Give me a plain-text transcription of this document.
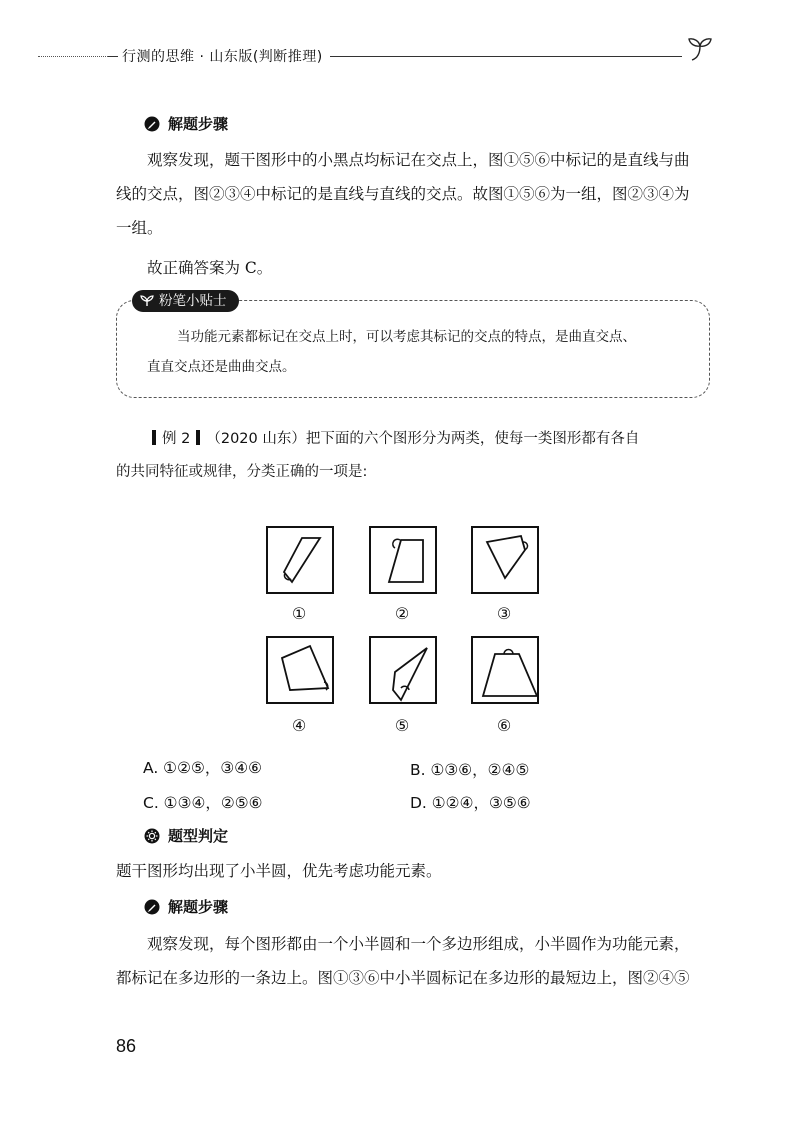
行测的思维 · 山东版(判断推理)
解题步骤
观察发现，题干图形中的小黑点均标记在交点上，图①⑤⑥中标记的是直线与曲
线的交点，图②③④中标记的是直线与直线的交点。故图①⑤⑥为一组，图②③④为
一组。
故正确答案为 C。
粉笔小贴士
当功能元素都标记在交点上时，可以考虑其标记的交点的特点，是曲直交点、
直直交点还是曲曲交点。
例 2 （2020 山东）把下面的六个图形分为两类，使每一类图形都有各自
的共同特征或规律，分类正确的一项是:
①	②	③
④	⑤	⑥
A. ①②⑤，③④⑥	B. ①③⑥，②④⑤
C. ①③④，②⑤⑥	D. ①②④，③⑤⑥
题型判定
题干图形均出现了小半圆，优先考虑功能元素。
解题步骤
观察发现，每个图形都由一个小半圆和一个多边形组成，小半圆作为功能元素，
都标记在多边形的一条边上。图①③⑥中小半圆标记在多边形的最短边上，图②④⑤
86
